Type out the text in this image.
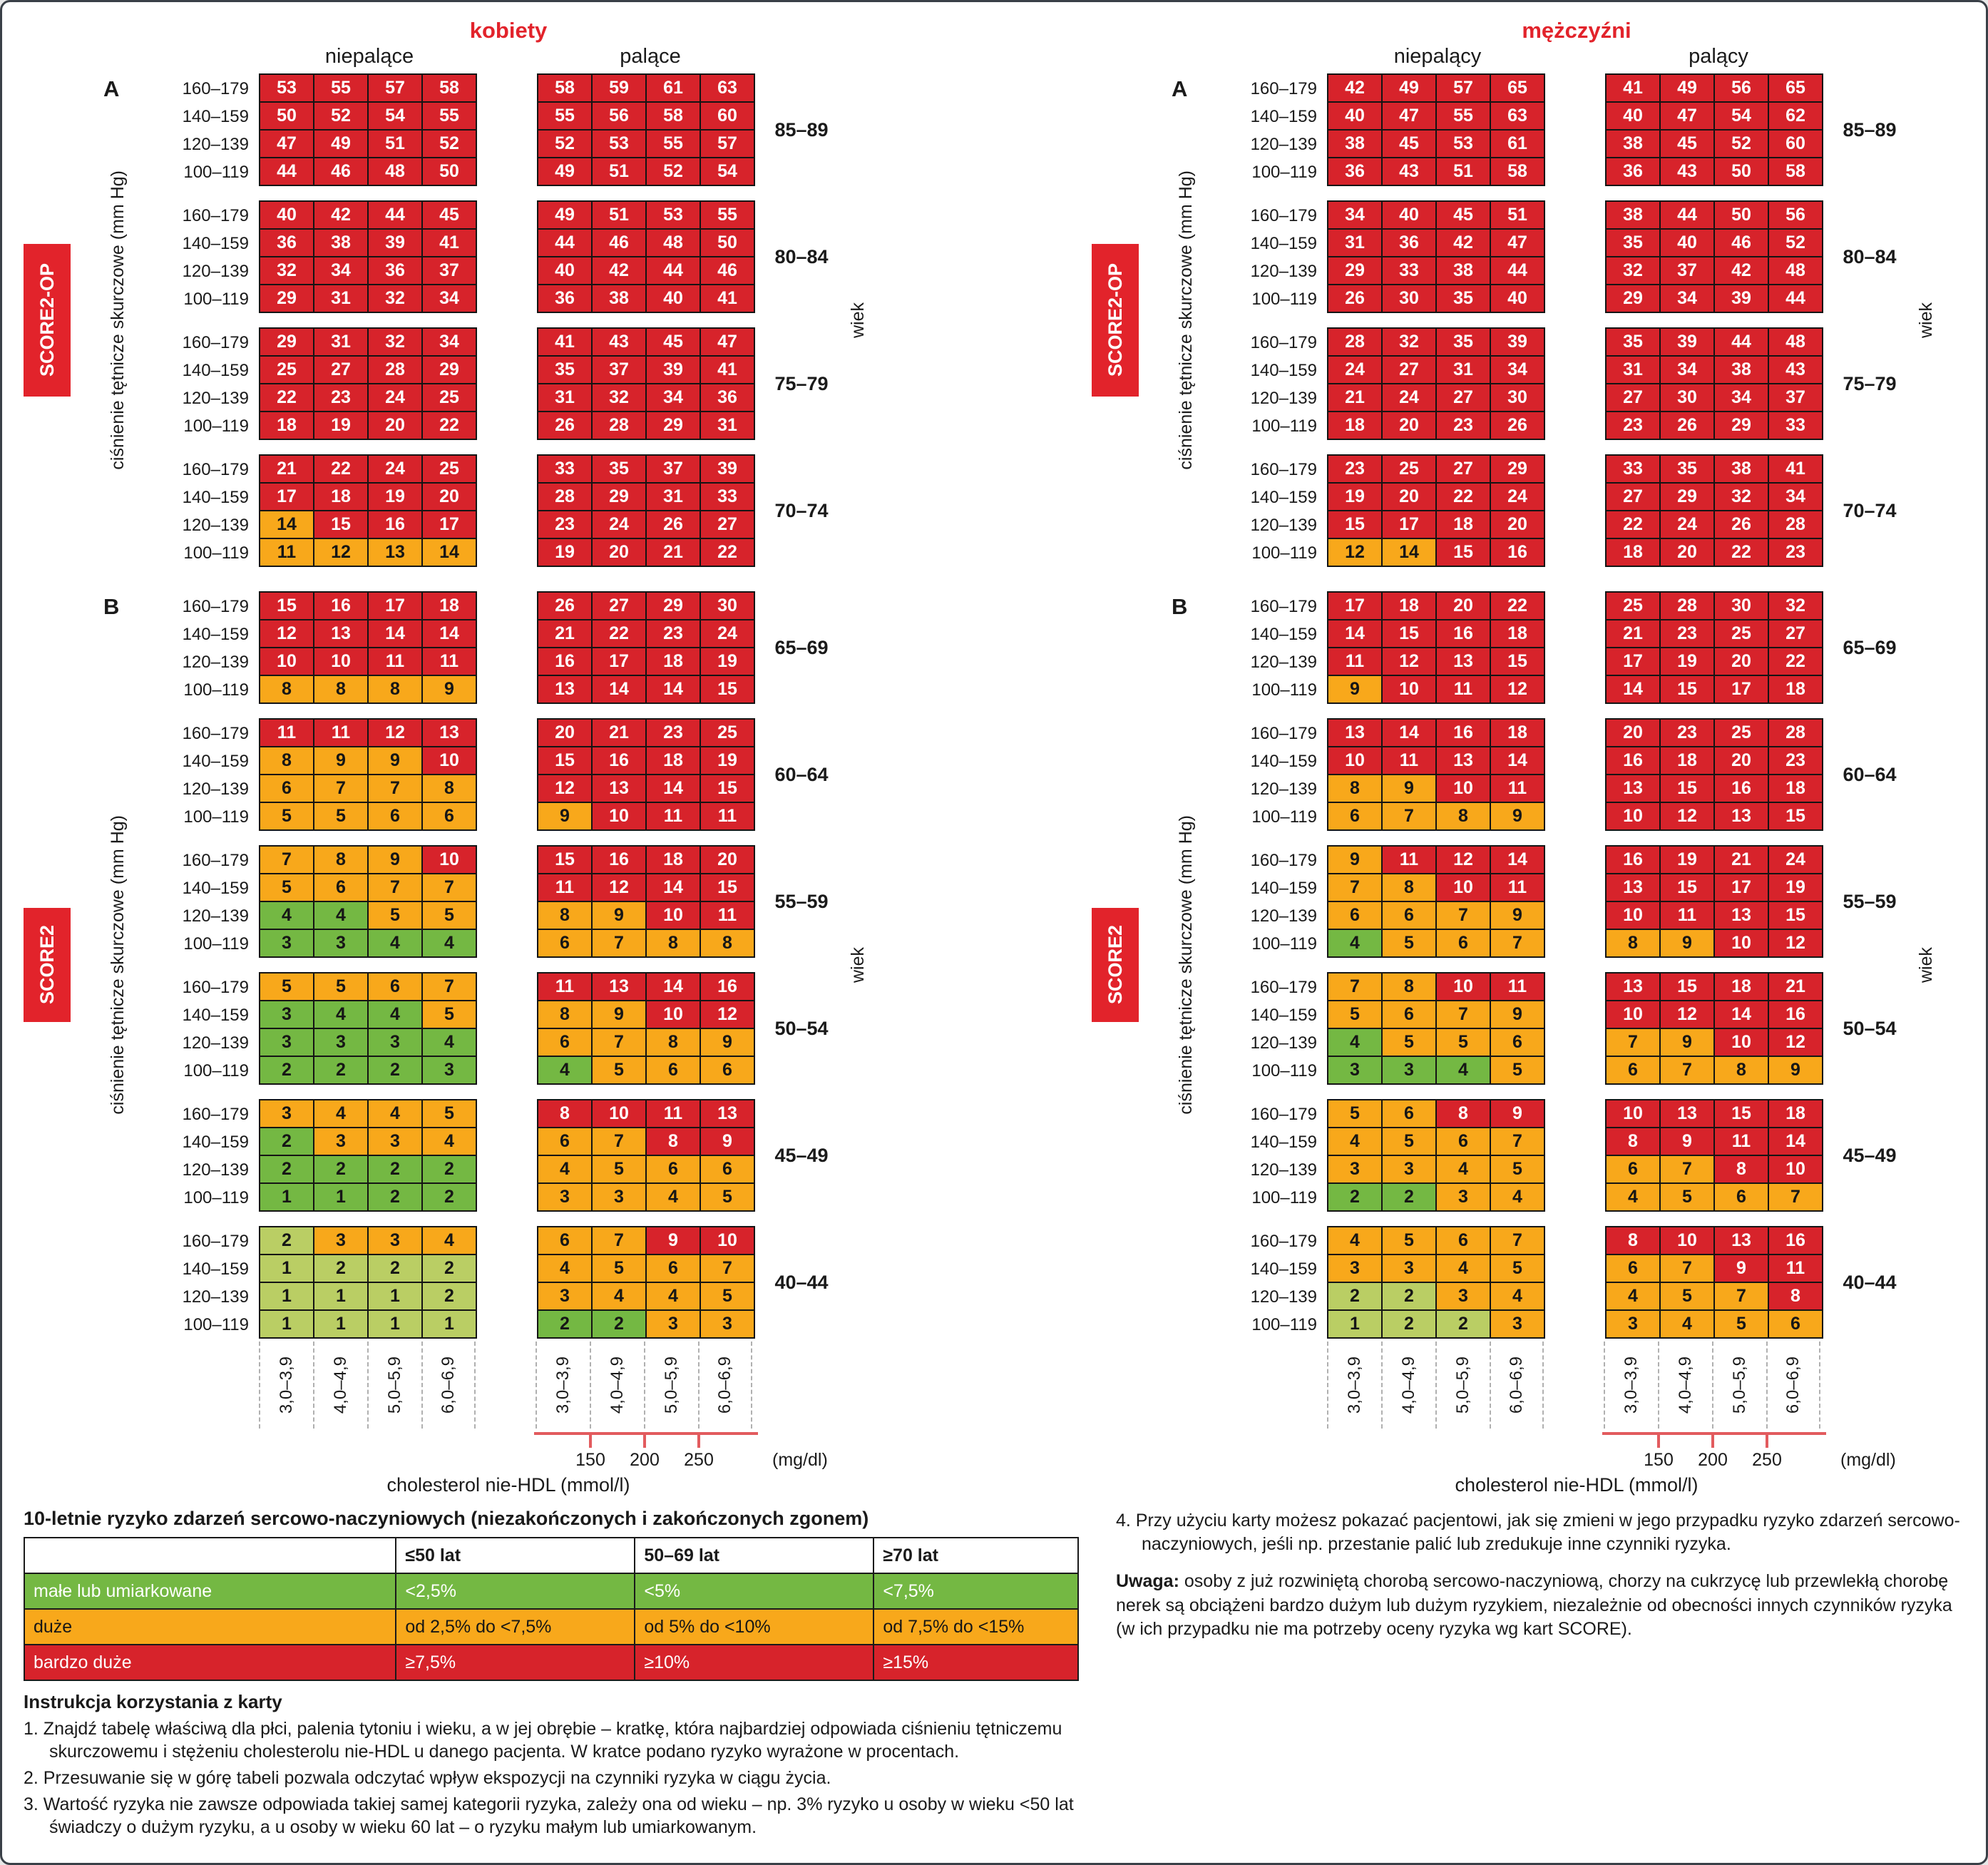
kobiety
niepalące	palące
A
SCORE2-OP	ciśnienie tętnicze skurczowe (mm Hg)
160–179
140–159
120–139
100–119
53	55	57	58
50	52	54	55
47	49	51	52
44	46	48	50
58	59	61	63
55	56	58	60
52	53	55	57
49	51	52	54
85–89
160–179
140–159
120–139
100–119
40	42	44	45
36	38	39	41
32	34	36	37
29	31	32	34
49	51	53	55
44	46	48	50
40	42	44	46
36	38	40	41
80–84
160–179
140–159
120–139
100–119
29	31	32	34
25	27	28	29
22	23	24	25
18	19	20	22
41	43	45	47
35	37	39	41
31	32	34	36
26	28	29	31
75–79
160–179
140–159
120–139
100–119
21	22	24	25
17	18	19	20
14	15	16	17
11	12	13	14
33	35	37	39
28	29	31	33
23	24	26	27
19	20	21	22
70–74
wiek
B
SCORE2	ciśnienie tętnicze skurczowe (mm Hg)
160–179
140–159
120–139
100–119
15	16	17	18
12	13	14	14
10	10	11	11
8	8	8	9
26	27	29	30
21	22	23	24
16	17	18	19
13	14	14	15
65–69
160–179
140–159
120–139
100–119
11	11	12	13
8	9	9	10
6	7	7	8
5	5	6	6
20	21	23	25
15	16	18	19
12	13	14	15
9	10	11	11
60–64
160–179
140–159
120–139
100–119
7	8	9	10
5	6	7	7
4	4	5	5
3	3	4	4
15	16	18	20
11	12	14	15
8	9	10	11
6	7	8	8
55–59
160–179
140–159
120–139
100–119
5	5	6	7
3	4	4	5
3	3	3	4
2	2	2	3
11	13	14	16
8	9	10	12
6	7	8	9
4	5	6	6
50–54
160–179
140–159
120–139
100–119
3	4	4	5
2	3	3	4
2	2	2	2
1	1	2	2
8	10	11	13
6	7	8	9
4	5	6	6
3	3	4	5
45–49
160–179
140–159
120–139
100–119
2	3	3	4
1	2	2	2
1	1	1	2
1	1	1	1
6	7	9	10
4	5	6	7
3	4	4	5
2	2	3	3
40–44
wiek
3,0–3,9 4,0–4,9 5,0–5,9 6,0–6,9	3,0–3,9 4,0–4,9 5,0–5,9 6,0–6,9
150	200	250	(mg/dl)
cholesterol nie-HDL (mmol/l)
mężczyźni
niepalący	palący
A
SCORE2-OP	ciśnienie tętnicze skurczowe (mm Hg)
160–179
140–159
120–139
100–119
42	49	57	65
40	47	55	63
38	45	53	61
36	43	51	58
41	49	56	65
40	47	54	62
38	45	52	60
36	43	50	58
85–89
160–179
140–159
120–139
100–119
34	40	45	51
31	36	42	47
29	33	38	44
26	30	35	40
38	44	50	56
35	40	46	52
32	37	42	48
29	34	39	44
80–84
160–179
140–159
120–139
100–119
28	32	35	39
24	27	31	34
21	24	27	30
18	20	23	26
35	39	44	48
31	34	38	43
27	30	34	37
23	26	29	33
75–79
160–179
140–159
120–139
100–119
23	25	27	29
19	20	22	24
15	17	18	20
12	14	15	16
33	35	38	41
27	29	32	34
22	24	26	28
18	20	22	23
70–74
wiek
B
SCORE2	ciśnienie tętnicze skurczowe (mm Hg)
160–179
140–159
120–139
100–119
17	18	20	22
14	15	16	18
11	12	13	15
9	10	11	12
25	28	30	32
21	23	25	27
17	19	20	22
14	15	17	18
65–69
160–179
140–159
120–139
100–119
13	14	16	18
10	11	13	14
8	9	10	11
6	7	8	9
20	23	25	28
16	18	20	23
13	15	16	18
10	12	13	15
60–64
160–179
140–159
120–139
100–119
9	11	12	14
7	8	10	11
6	6	7	9
4	5	6	7
16	19	21	24
13	15	17	19
10	11	13	15
8	9	10	12
55–59
160–179
140–159
120–139
100–119
7	8	10	11
5	6	7	9
4	5	5	6
3	3	4	5
13	15	18	21
10	12	14	16
7	9	10	12
6	7	8	9
50–54
160–179
140–159
120–139
100–119
5	6	8	9
4	5	6	7
3	3	4	5
2	2	3	4
10	13	15	18
8	9	11	14
6	7	8	10
4	5	6	7
45–49
160–179
140–159
120–139
100–119
4	5	6	7
3	3	4	5
2	2	3	4
1	2	2	3
8	10	13	16
6	7	9	11
4	5	7	8
3	4	5	6
40–44
wiek
3,0–3,9 4,0–4,9 5,0–5,9 6,0–6,9	3,0–3,9 4,0–4,9 5,0–5,9 6,0–6,9
150	200	250	(mg/dl)
cholesterol nie-HDL (mmol/l)
10-letnie ryzyko zdarzeń sercowo-naczyniowych (niezakończonych i zakończonych zgonem)
	≤50 lat	50–69 lat	≥70 lat
małe lub umiarkowane	<2,5%	<5%	<7,5%
duże	od 2,5% do <7,5%	od 5% do <10%	od 7,5% do <15%
bardzo duże	≥7,5%	≥10%	≥15%
Instrukcja korzystania z karty
1. Znajdź tabelę właściwą dla płci, palenia tytoniu i wieku, a w jej obrębie – kratkę, która najbardziej odpowiada ciśnieniu tętniczemu skurczowemu i stężeniu cholesterolu nie-HDL u danego pacjenta. W kratce podano ryzyko wyrażone w procentach.
2. Przesuwanie się w górę tabeli pozwala odczytać wpływ ekspozycji na czynniki ryzyka w ciągu życia.
3. Wartość ryzyka nie zawsze odpowiada takiej samej kategorii ryzyka, zależy ona od wieku – np. 3% ryzyko u osoby w wieku <50 lat świadczy o dużym ryzyku, a u osoby w wieku 60 lat – o ryzyku małym lub umiarkowanym.
4. Przy użyciu karty możesz pokazać pacjentowi, jak się zmieni w jego przypadku ryzyko zdarzeń sercowo-naczyniowych, jeśli np. przestanie palić lub zredukuje inne czynniki ryzyka.
Uwaga: osoby z już rozwiniętą chorobą sercowo-naczyniową, chorzy na cukrzycę lub przewlekłą chorobę nerek są obciążeni bardzo dużym lub dużym ryzykiem, niezależnie od obecności innych czynników ryzyka (w ich przypadku nie ma potrzeby oceny ryzyka wg kart SCORE).
